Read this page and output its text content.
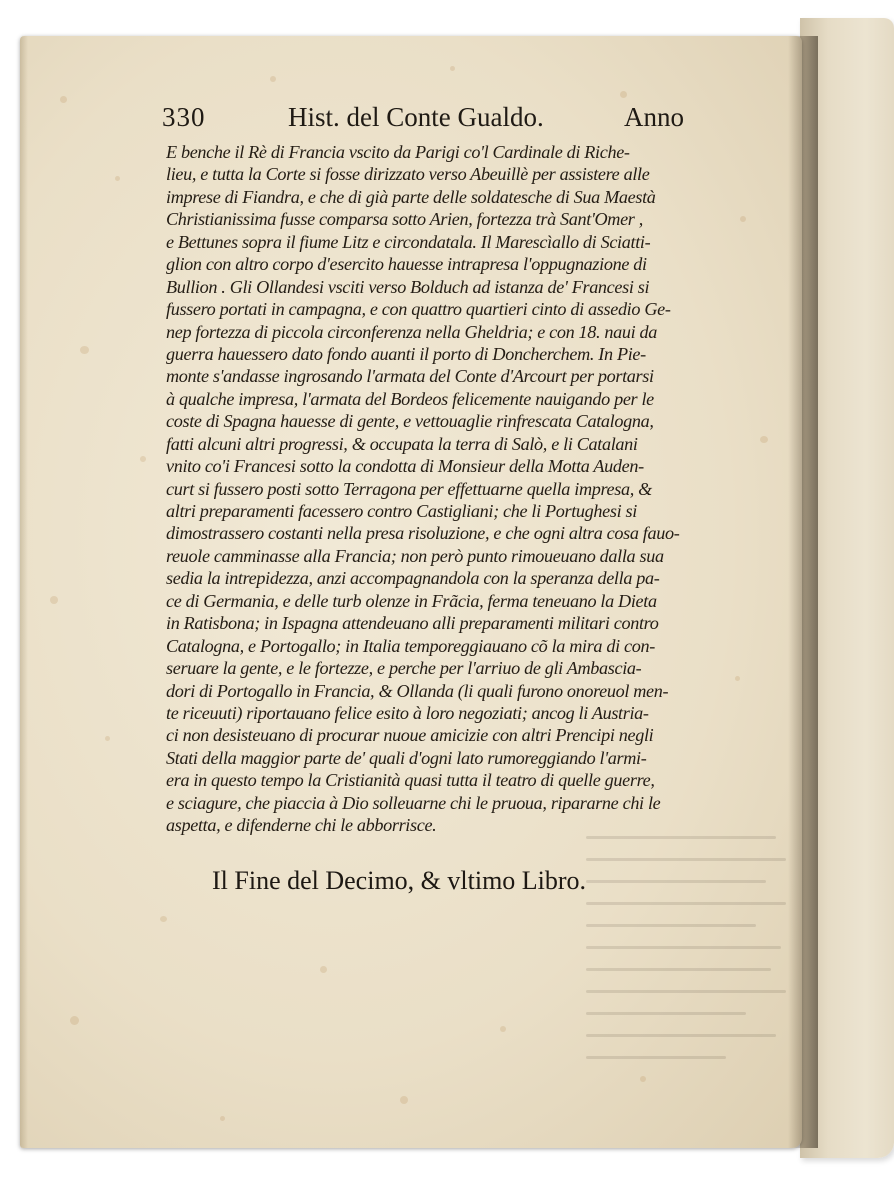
330	Hist. del Conte Gualdo.	Anno
E benche il Rè di Francia vscito da Parigi co'l Cardinale di Riche-
lieu, e tutta la Corte si fosse dirizzato verso Abeuillè per assistere alle
imprese di Fiandra, e che di già parte delle soldatesche di Sua Maestà
Christianissima fusse comparsa sotto Arien, fortezza trà Sant'Omer ,
e Bettunes sopra il fiume Litz e circondatala. Il Marescìallo di Sciatti-
glion con altro corpo d'esercito hauesse intrapresa l'oppugnazione di
Bullion . Gli Ollandesi vsciti verso Bolduch ad istanza de' Francesi si
fussero portati in campagna, e con quattro quartieri cinto di assedio Ge-
nep fortezza di piccola circonferenza nella Gheldria; e con 18. naui da
guerra hauessero dato fondo auanti il porto di Doncherchem. In Pie-
monte s'andasse ingrosando l'armata del Conte d'Arcourt per portarsi
à qualche impresa, l'armata del Bordeos felicemente nauigando per le
coste di Spagna hauesse di gente, e vettouaglie rinfrescata Catalogna,
fatti alcuni altri progressi, & occupata la terra di Salò, e li Catalani
vnito co'i Francesi sotto la condotta di Monsieur della Motta Auden-
curt si fussero posti sotto Terragona per effettuarne quella impresa, &
altri preparamenti facessero contro Castigliani; che li Portughesi si
dimostrassero costanti nella presa risoluzione, e che ogni altra cosa fauo-
reuole camminasse alla Francia; non però punto rimoueuano dalla sua
sedia la intrepidezza, anzi accompagnandola con la speranza della pa-
ce di Germania, e delle turb olenze in Frãcia, ferma teneuano la Dieta
in Ratisbona; in Ispagna attendeuano alli preparamenti militari contro
Catalogna, e Portogallo; in Italia temporeggiauano cõ la mira di con-
seruare la gente, e le fortezze, e perche per l'arriuo de gli Ambascia-
dori di Portogallo in Francia, & Ollanda (li quali furono onoreuol men-
te riceuuti) riportauano felice esito à loro negoziati; ancog li Austria-
ci non desisteuano di procurar nuoue amicizie con altri Prencipi negli
Stati della maggior parte de' quali d'ogni lato rumoreggiando l'armi-
era in questo tempo la Cristianità quasi tutta il teatro di quelle guerre,
e sciagure, che piaccia à Dio solleuarne chi le pruoua, ripararne chi le
aspetta, e difenderne chi le abborrisce.
Il Fine del Decimo, & vltimo Libro.
